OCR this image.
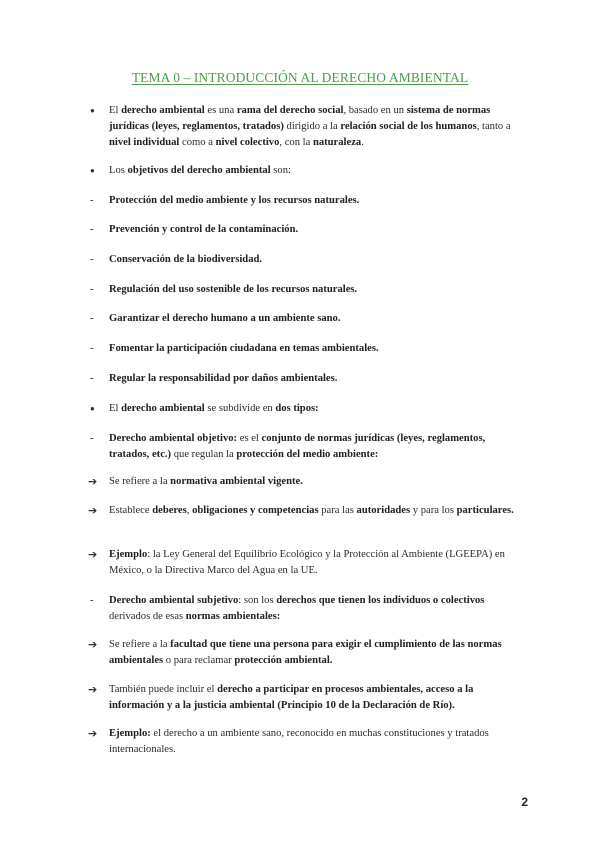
TEMA 0 – INTRODUCCIÓN AL DERECHO AMBIENTAL
●	El derecho ambiental es una rama del derecho social, basado en un sistema de normas jurídicas (leyes, reglamentos, tratados) dirigido a la relación social de los humanos, tanto a nivel individual como a nivel colectivo, con la naturaleza.
●	Los objetivos del derecho ambiental son:
-	Protección del medio ambiente y los recursos naturales.
-	Prevención y control de la contaminación.
-	Conservación de la biodiversidad.
-	Regulación del uso sostenible de los recursos naturales.
-	Garantizar el derecho humano a un ambiente sano.
-	Fomentar la participación ciudadana en temas ambientales.
-	Regular la responsabilidad por daños ambientales.
●	El derecho ambiental se subdivide en dos tipos:
-	Derecho ambiental objetivo: es el conjunto de normas jurídicas (leyes, reglamentos, tratados, etc.) que regulan la protección del medio ambiente:
➔	Se refiere a la normativa ambiental vigente.
➔	Establece deberes, obligaciones y competencias para las autoridades y para los particulares.
➔	Ejemplo: la Ley General del Equilibrio Ecológico y la Protección al Ambiente (LGEEPA) en México, o la Directiva Marco del Agua en la UE.
-	Derecho ambiental subjetivo: son los derechos que tienen los individuos o colectivos derivados de esas normas ambientales:
➔	Se refiere a la facultad que tiene una persona para exigir el cumplimiento de las normas ambientales o para reclamar protección ambiental.
➔	También puede incluir el derecho a participar en procesos ambientales, acceso a la información y a la justicia ambiental (Principio 10 de la Declaración de Río).
➔	Ejemplo: el derecho a un ambiente sano, reconocido en muchas constituciones y tratados internacionales.
2
